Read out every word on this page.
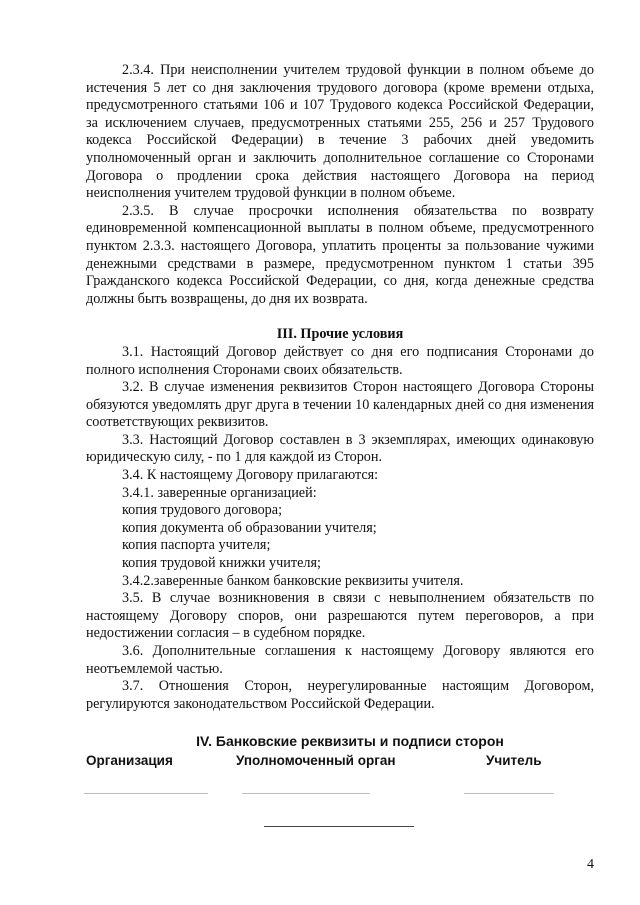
2.3.4. При неисполнении учителем трудовой функции в полном объеме до истечения 5 лет со дня заключения трудового договора (кроме времени отдыха, предусмотренного статьями 106 и 107 Трудового кодекса Российской Федерации, за исключением случаев, предусмотренных статьями 255, 256 и 257 Трудового кодекса Российской Федерации) в течение 3 рабочих дней уведомить уполномоченный орган и заключить дополнительное соглашение со Сторонами Договора о продлении срока действия настоящего Договора на период неисполнения учителем трудовой функции в полном объеме.

2.3.5. В случае просрочки исполнения обязательства по возврату единовременной компенсационной выплаты в полном объеме, предусмотренного пунктом 2.3.3. настоящего Договора, уплатить проценты за пользование чужими денежными средствами в размере, предусмотренном пунктом 1 статьи 395 Гражданского кодекса Российской Федерации, со дня, когда денежные средства должны быть возвращены, до дня их возврата.

III. Прочие условия

3.1. Настоящий Договор действует со дня его подписания Сторонами до полного исполнения Сторонами своих обязательств.

3.2. В случае изменения реквизитов Сторон настоящего Договора Стороны обязуются уведомлять друг друга в течении 10 календарных дней со дня изменения соответствующих реквизитов.

3.3. Настоящий Договор составлен в 3 экземплярах, имеющих одинаковую юридическую силу, - по 1 для каждой из Сторон.

3.4. К настоящему Договору прилагаются:

3.4.1. заверенные организацией:

копия трудового договора;

копия документа об образовании учителя;

копия паспорта учителя;

копия трудовой книжки учителя;

3.4.2.заверенные банком банковские реквизиты учителя.

3.5. В случае возникновения в связи с невыполнением обязательств по настоящему Договору споров, они разрешаются путем переговоров, а при недостижении согласия – в судебном порядке.

3.6. Дополнительные соглашения к настоящему Договору являются его неотъемлемой частью.

3.7. Отношения Сторон, неурегулированные настоящим Договором, регулируются законодательством Российской Федерации.

IV. Банковские реквизиты и подписи сторон
Организация	Уполномоченный орган	Учитель
4
